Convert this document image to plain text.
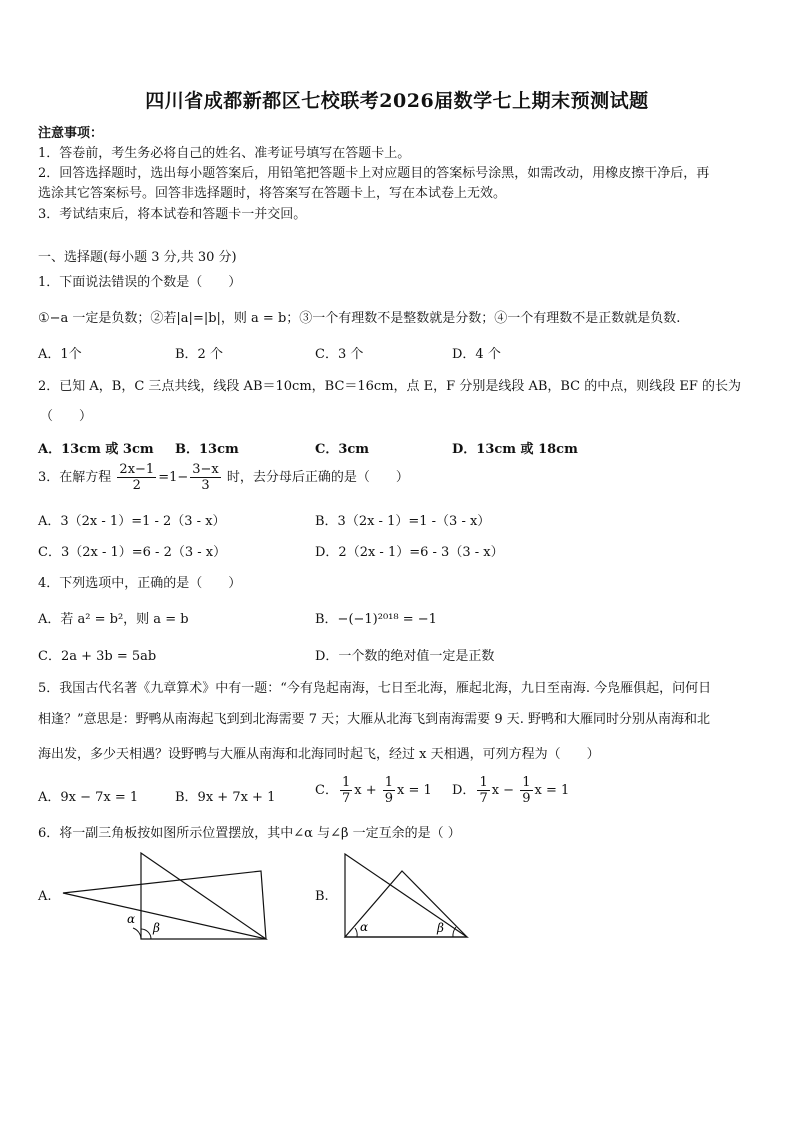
四川省成都新都区七校联考2026届数学七上期末预测试题
注意事项：
1．答卷前，考生务必将自己的姓名、准考证号填写在答题卡上。
2．回答选择题时，选出每小题答案后，用铅笔把答题卡上对应题目的答案标号涂黑，如需改动，用橡皮擦干净后，再
选涂其它答案标号。回答非选择题时，将答案写在答题卡上，写在本试卷上无效。
3．考试结束后，将本试卷和答题卡一并交回。
一、选择题(每小题 3 分,共 30 分)
1．下面说法错误的个数是（　　）
①−a 一定是负数；②若|a|=|b|，则 a = b；③一个有理数不是整数就是分数；④一个有理数不是正数就是负数.
A．1个	B．2 个	C．3 个	D．4 个
2．已知 A，B，C 三点共线，线段 AB＝10cm，BC＝16cm，点 E，F 分别是线段 AB，BC 的中点，则线段 EF 的长为
（　　）
A．13cm 或 3cm B．13cm	C．3cm	D．13cm 或 18cm
3．在解方程 $\frac{2x-1}{2} =1- \frac{3-x}{3}$ 时，去分母后正确的是（　　）
A．3（2x - 1）=1 - 2（3 - x）	B．3（2x - 1）=1 -（3 - x）
C．3（2x - 1）=6 - 2（3 - x）	D．2（2x - 1）=6 - 3（3 - x）
4．下列选项中，正确的是（　　）
A．若 a² = b²，则 a = b	B．−(−1)²⁰¹⁸ = −1
C．2a + 3b = 5ab	D．一个数的绝对值一定是正数
5．我国古代名著《九章算术》中有一题：“今有凫起南海，七日至北海，雁起北海，九日至南海. 今凫雁俱起，问何日
相逢？”意思是：野鸭从南海起飞到到北海需要 7 天；大雁从北海飞到南海需要 9 天. 野鸭和大雁同时分别从南海和北
海出发，多少天相遇？设野鸭与大雁从南海和北海同时起飞，经过 x 天相遇，可列方程为（　　）
A．9x − 7x = 1	B．9x + 7x + 1	C． $\frac{1}{7}$ $x + \frac{1}{9}$ x = 1 D． $\frac{1}{7}$ $x - \frac{1}{9}$ x = 1
6．将一副三角板按如图所示位置摆放，其中∠α 与∠β 一定互余的是（ ）
A.	B.
α
β	α	β
